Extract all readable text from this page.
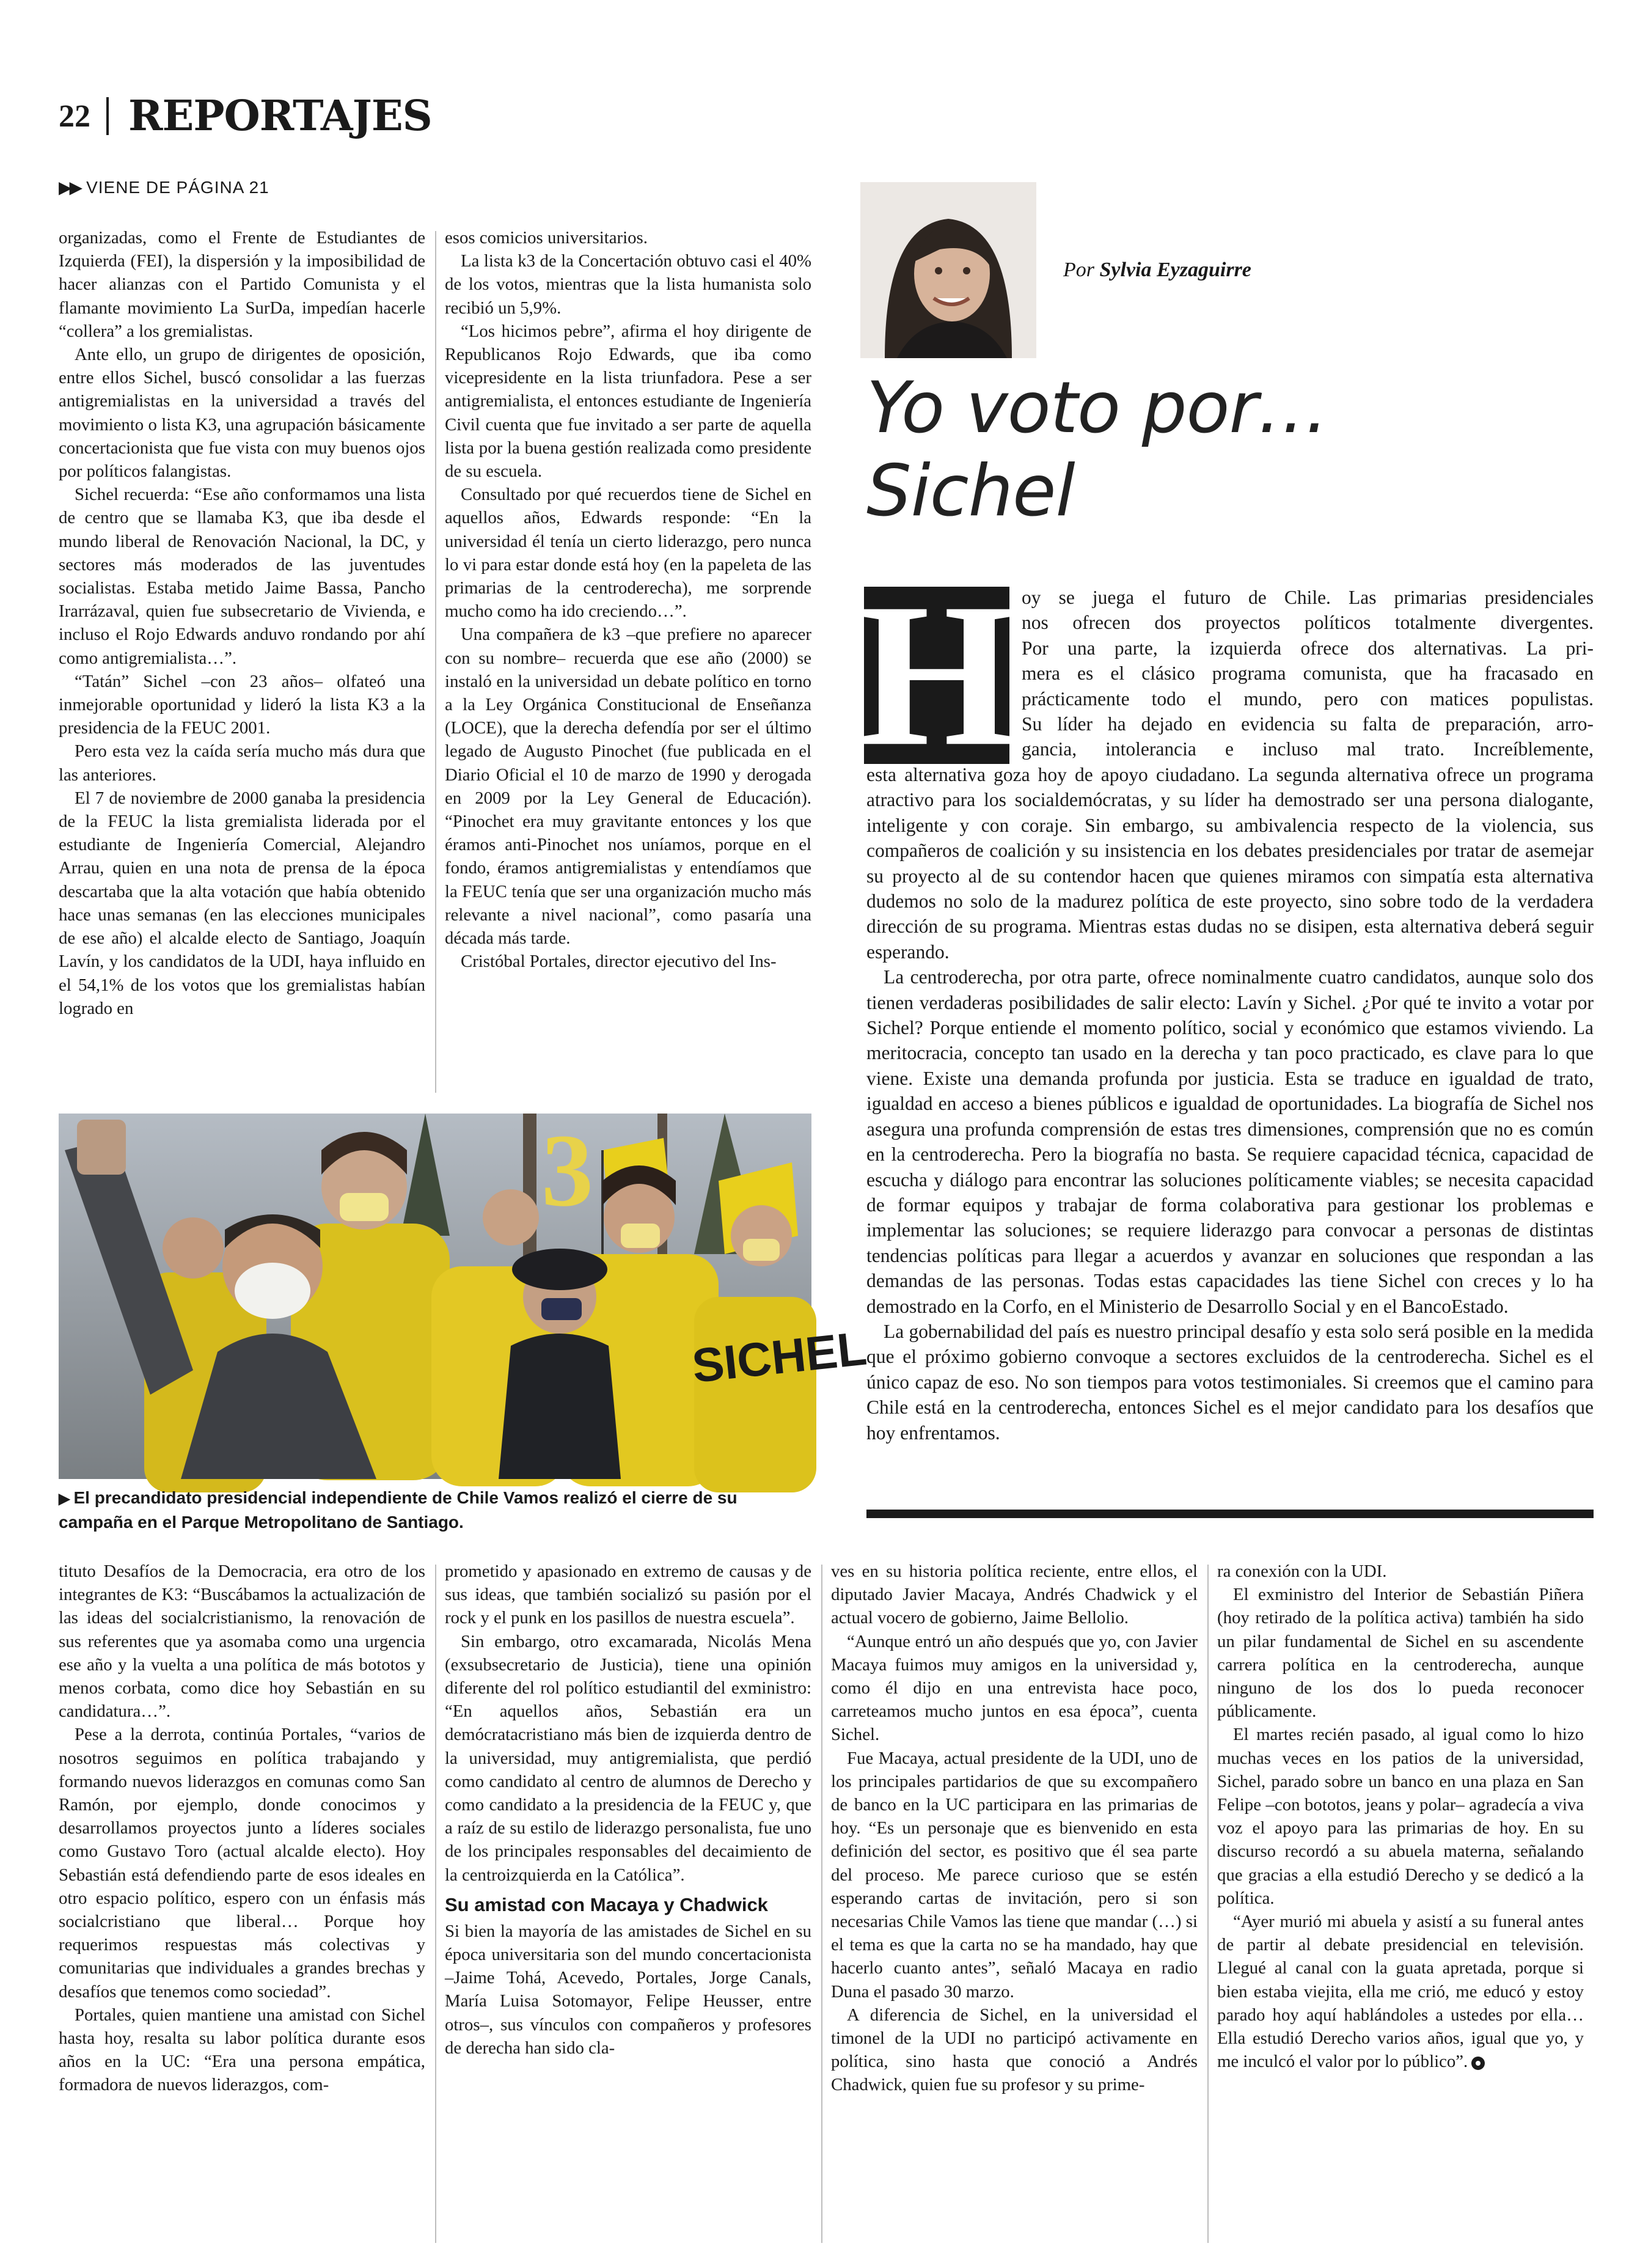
22 REPORTAJES
▶▶ VIENE DE PÁGINA 21

organizadas, como el Frente de Estudiantes de Izquierda (FEI), la dispersión y la imposibilidad de hacer alianzas con el Partido Comunista y el flamante movimiento La SurDa, impedían hacerle “collera” a los gremialistas.

Ante ello, un grupo de dirigentes de oposición, entre ellos Sichel, buscó consolidar a las fuerzas antigremialistas en la universidad a través del movimiento o lista K3, una agrupación básicamente concertacionista que fue vista con muy buenos ojos por políticos falangistas.

Sichel recuerda: “Ese año conformamos una lista de centro que se llamaba K3, que iba desde el mundo liberal de Renovación Nacional, la DC, y sectores más moderados de las juventudes socialistas. Estaba metido Jaime Bassa, Pancho Irarrázaval, quien fue subsecretario de Vivienda, e incluso el Rojo Edwards anduvo rondando por ahí como antigremialista…”.

“Tatán” Sichel –con 23 años– olfateó una inmejorable oportunidad y lideró la lista K3 a la presidencia de la FEUC 2001.

Pero esta vez la caída sería mucho más dura que las anteriores.

El 7 de noviembre de 2000 ganaba la presidencia de la FEUC la lista gremialista liderada por el estudiante de Ingeniería Comercial, Alejandro Arrau, quien en una nota de prensa de la época descartaba que la alta votación que había obtenido hace unas semanas (en las elecciones municipales de ese año) el alcalde electo de Santiago, Joaquín Lavín, y los candidatos de la UDI, haya influido en el 54,1% de los votos que los gremialistas habían logrado en

esos comicios universitarios.

La lista k3 de la Concertación obtuvo casi el 40% de los votos, mientras que la lista humanista solo recibió un 5,9%.

“Los hicimos pebre”, afirma el hoy dirigente de Republicanos Rojo Edwards, que iba como vicepresidente en la lista triunfadora. Pese a ser antigremialista, el entonces estudiante de Ingeniería Civil cuenta que fue invitado a ser parte de aquella lista por la buena gestión realizada como presidente de su escuela.

Consultado por qué recuerdos tiene de Sichel en aquellos años, Edwards responde: “En la universidad él tenía un cierto liderazgo, pero nunca lo vi para estar donde está hoy (en la papeleta de las primarias de la centroderecha), me sorprende mucho como ha ido creciendo…”.

Una compañera de k3 –que prefiere no aparecer con su nombre– recuerda que ese año (2000) se instaló en la universidad un debate político en torno a la Ley Orgánica Constitucional de Enseñanza (LOCE), que la derecha defendía por ser el último legado de Augusto Pinochet (fue publicada en el Diario Oficial el 10 de marzo de 1990 y derogada en 2009 por la Ley General de Educación). “Pinochet era muy gravitante entonces y los que éramos anti-Pinochet nos uníamos, porque en el fondo, éramos antigremialistas y entendíamos que la FEUC tenía que ser una organización mucho más relevante a nivel nacional”, como pasaría una década más tarde.

Cristóbal Portales, director ejecutivo del Ins-

3
SICHEL
▶ El precandidato presidencial independiente de Chile Vamos realizó el cierre de su campaña en el Parque Metropolitano de Santiago.

tituto Desafíos de la Democracia, era otro de los integrantes de K3: “Buscábamos la actualización de las ideas del socialcristianismo, la renovación de sus referentes que ya asomaba como una urgencia ese año y la vuelta a una política de más bototos y menos corbata, como dice hoy Sebastián en su candidatura…”.

Pese a la derrota, continúa Portales, “varios de nosotros seguimos en política trabajando y formando nuevos liderazgos en comunas como San Ramón, por ejemplo, donde conocimos y desarrollamos proyectos junto a líderes sociales como Gustavo Toro (actual alcalde electo). Hoy Sebastián está defendiendo parte de esos ideales en otro espacio político, espero con un énfasis más socialcristiano que liberal… Porque hoy requerimos respuestas más colectivas y comunitarias que individuales a grandes brechas y desafíos que tenemos como sociedad”.

Portales, quien mantiene una amistad con Sichel hasta hoy, resalta su labor política durante esos años en la UC: “Era una persona empática, formadora de nuevos liderazgos, com-

prometido y apasionado en extremo de causas y de sus ideas, que también socializó su pasión por el rock y el punk en los pasillos de nuestra escuela”.

Sin embargo, otro excamarada, Nicolás Mena (exsubsecretario de Justicia), tiene una opinión diferente del rol político estudiantil del exministro: “En aquellos años, Sebastián era un demócratacristiano más bien de izquierda dentro de la universidad, muy antigremialista, que perdió como candidato al centro de alumnos de Derecho y como candidato a la presidencia de la FEUC y, que a raíz de su estilo de liderazgo personalista, fue uno de los principales responsables del decaimiento de la centroizquierda en la Católica”.

Su amistad con Macaya y Chadwick

Si bien la mayoría de las amistades de Sichel en su época universitaria son del mundo concertacionista –Jaime Tohá, Acevedo, Portales, Jorge Canals, María Luisa Sotomayor, Felipe Heusser, entre otros–, sus vínculos con compañeros y profesores de derecha han sido cla-

ves en su historia política reciente, entre ellos, el diputado Javier Macaya, Andrés Chadwick y el actual vocero de gobierno, Jaime Bellolio.

“Aunque entró un año después que yo, con Javier Macaya fuimos muy amigos en la universidad y, como él dijo en una entrevista hace poco, carreteamos mucho juntos en esa época”, cuenta Sichel.

Fue Macaya, actual presidente de la UDI, uno de los principales partidarios de que su excompañero de banco en la UC participara en las primarias de hoy. “Es un personaje que es bienvenido en esta definición del sector, es positivo que él sea parte del proceso. Me parece curioso que se estén esperando cartas de invitación, pero si son necesarias Chile Vamos las tiene que mandar (…) si el tema es que la carta no se ha mandado, hay que hacerlo cuanto antes”, señaló Macaya en radio Duna el pasado 30 marzo.

A diferencia de Sichel, en la universidad el timonel de la UDI no participó activamente en política, sino hasta que conoció a Andrés Chadwick, quien fue su profesor y su prime-

ra conexión con la UDI.

El exministro del Interior de Sebastián Piñera (hoy retirado de la política activa) también ha sido un pilar fundamental de Sichel en su ascendente carrera política en la centroderecha, aunque ninguno de los dos lo pueda reconocer públicamente.

El martes recién pasado, al igual como lo hizo muchas veces en los patios de la universidad, Sichel, parado sobre un banco en una plaza en San Felipe –con bototos, jeans y polar– agradecía a viva voz el apoyo para las primarias de hoy. En su discurso recordó a su abuela materna, señalando que gracias a ella estudió Derecho y se dedicó a la política.

“Ayer murió mi abuela y asistí a su funeral antes de partir al debate presidencial en televisión. Llegué al canal con la guata apretada, porque si bien estaba viejita, ella me crió, me educó y estoy parado hoy aquí hablándoles a ustedes por ella… Ella estudió Derecho varios años, igual que yo, y me inculcó el valor por lo público”.

Por Sylvia Eyzaguirre
Yo voto por…
Sichel
H oy se juega el futuro de Chile. Las primarias presidenciales
nos ofrecen dos proyectos políticos totalmente divergentes.
Por una parte, la izquierda ofrece dos alternativas. La pri-
mera es el clásico programa comunista, que ha fracasado en
prácticamente todo el mundo, pero con matices populistas.
Su líder ha dejado en evidencia su falta de preparación, arro-
gancia, intolerancia e incluso mal trato. Increíblemente,

esta alternativa goza hoy de apoyo ciudadano. La segunda alternativa ofrece un programa atractivo para los socialdemócratas, y su líder ha demostrado ser una persona dialogante, inteligente y con coraje. Sin embargo, su ambivalencia respecto de la violencia, sus compañeros de coalición y su insistencia en los debates presidenciales por tratar de asemejar su proyecto al de su contendor hacen que quienes miramos con simpatía esta alternativa dudemos no solo de la madurez política de este proyecto, sino sobre todo de la verdadera dirección de su programa. Mientras estas dudas no se disipen, esta alternativa deberá seguir esperando.

La centroderecha, por otra parte, ofrece nominalmente cuatro candidatos, aunque solo dos tienen verdaderas posibilidades de salir electo: Lavín y Sichel. ¿Por qué te invito a votar por Sichel? Porque entiende el momento político, social y económico que estamos viviendo. La meritocracia, concepto tan usado en la derecha y tan poco practicado, es clave para lo que viene. Existe una demanda profunda por justicia. Esta se traduce en igualdad de trato, igualdad en acceso a bienes públicos e igualdad de oportunidades. La biografía de Sichel nos asegura una profunda comprensión de estas tres dimensiones, comprensión que no es común en la centroderecha. Pero la biografía no basta. Se requiere capacidad técnica, capacidad de escucha y diálogo para encontrar las soluciones políticamente viables; se necesita capacidad de formar equipos y trabajar de forma colaborativa para gestionar los problemas e implementar las soluciones; se requiere liderazgo para convocar a personas de distintas tendencias políticas para llegar a acuerdos y avanzar en soluciones que respondan a las demandas de las personas. Todas estas capacidades las tiene Sichel con creces y lo ha demostrado en la Corfo, en el Ministerio de Desarrollo Social y en el BancoEstado.

La gobernabilidad del país es nuestro principal desafío y esta solo será posible en la medida que el próximo gobierno convoque a sectores excluidos de la centroderecha. Sichel es el único capaz de eso. No son tiempos para votos testimoniales. Si creemos que el camino para Chile está en la centroderecha, entonces Sichel es el mejor candidato para los desafíos que hoy enfrentamos.
